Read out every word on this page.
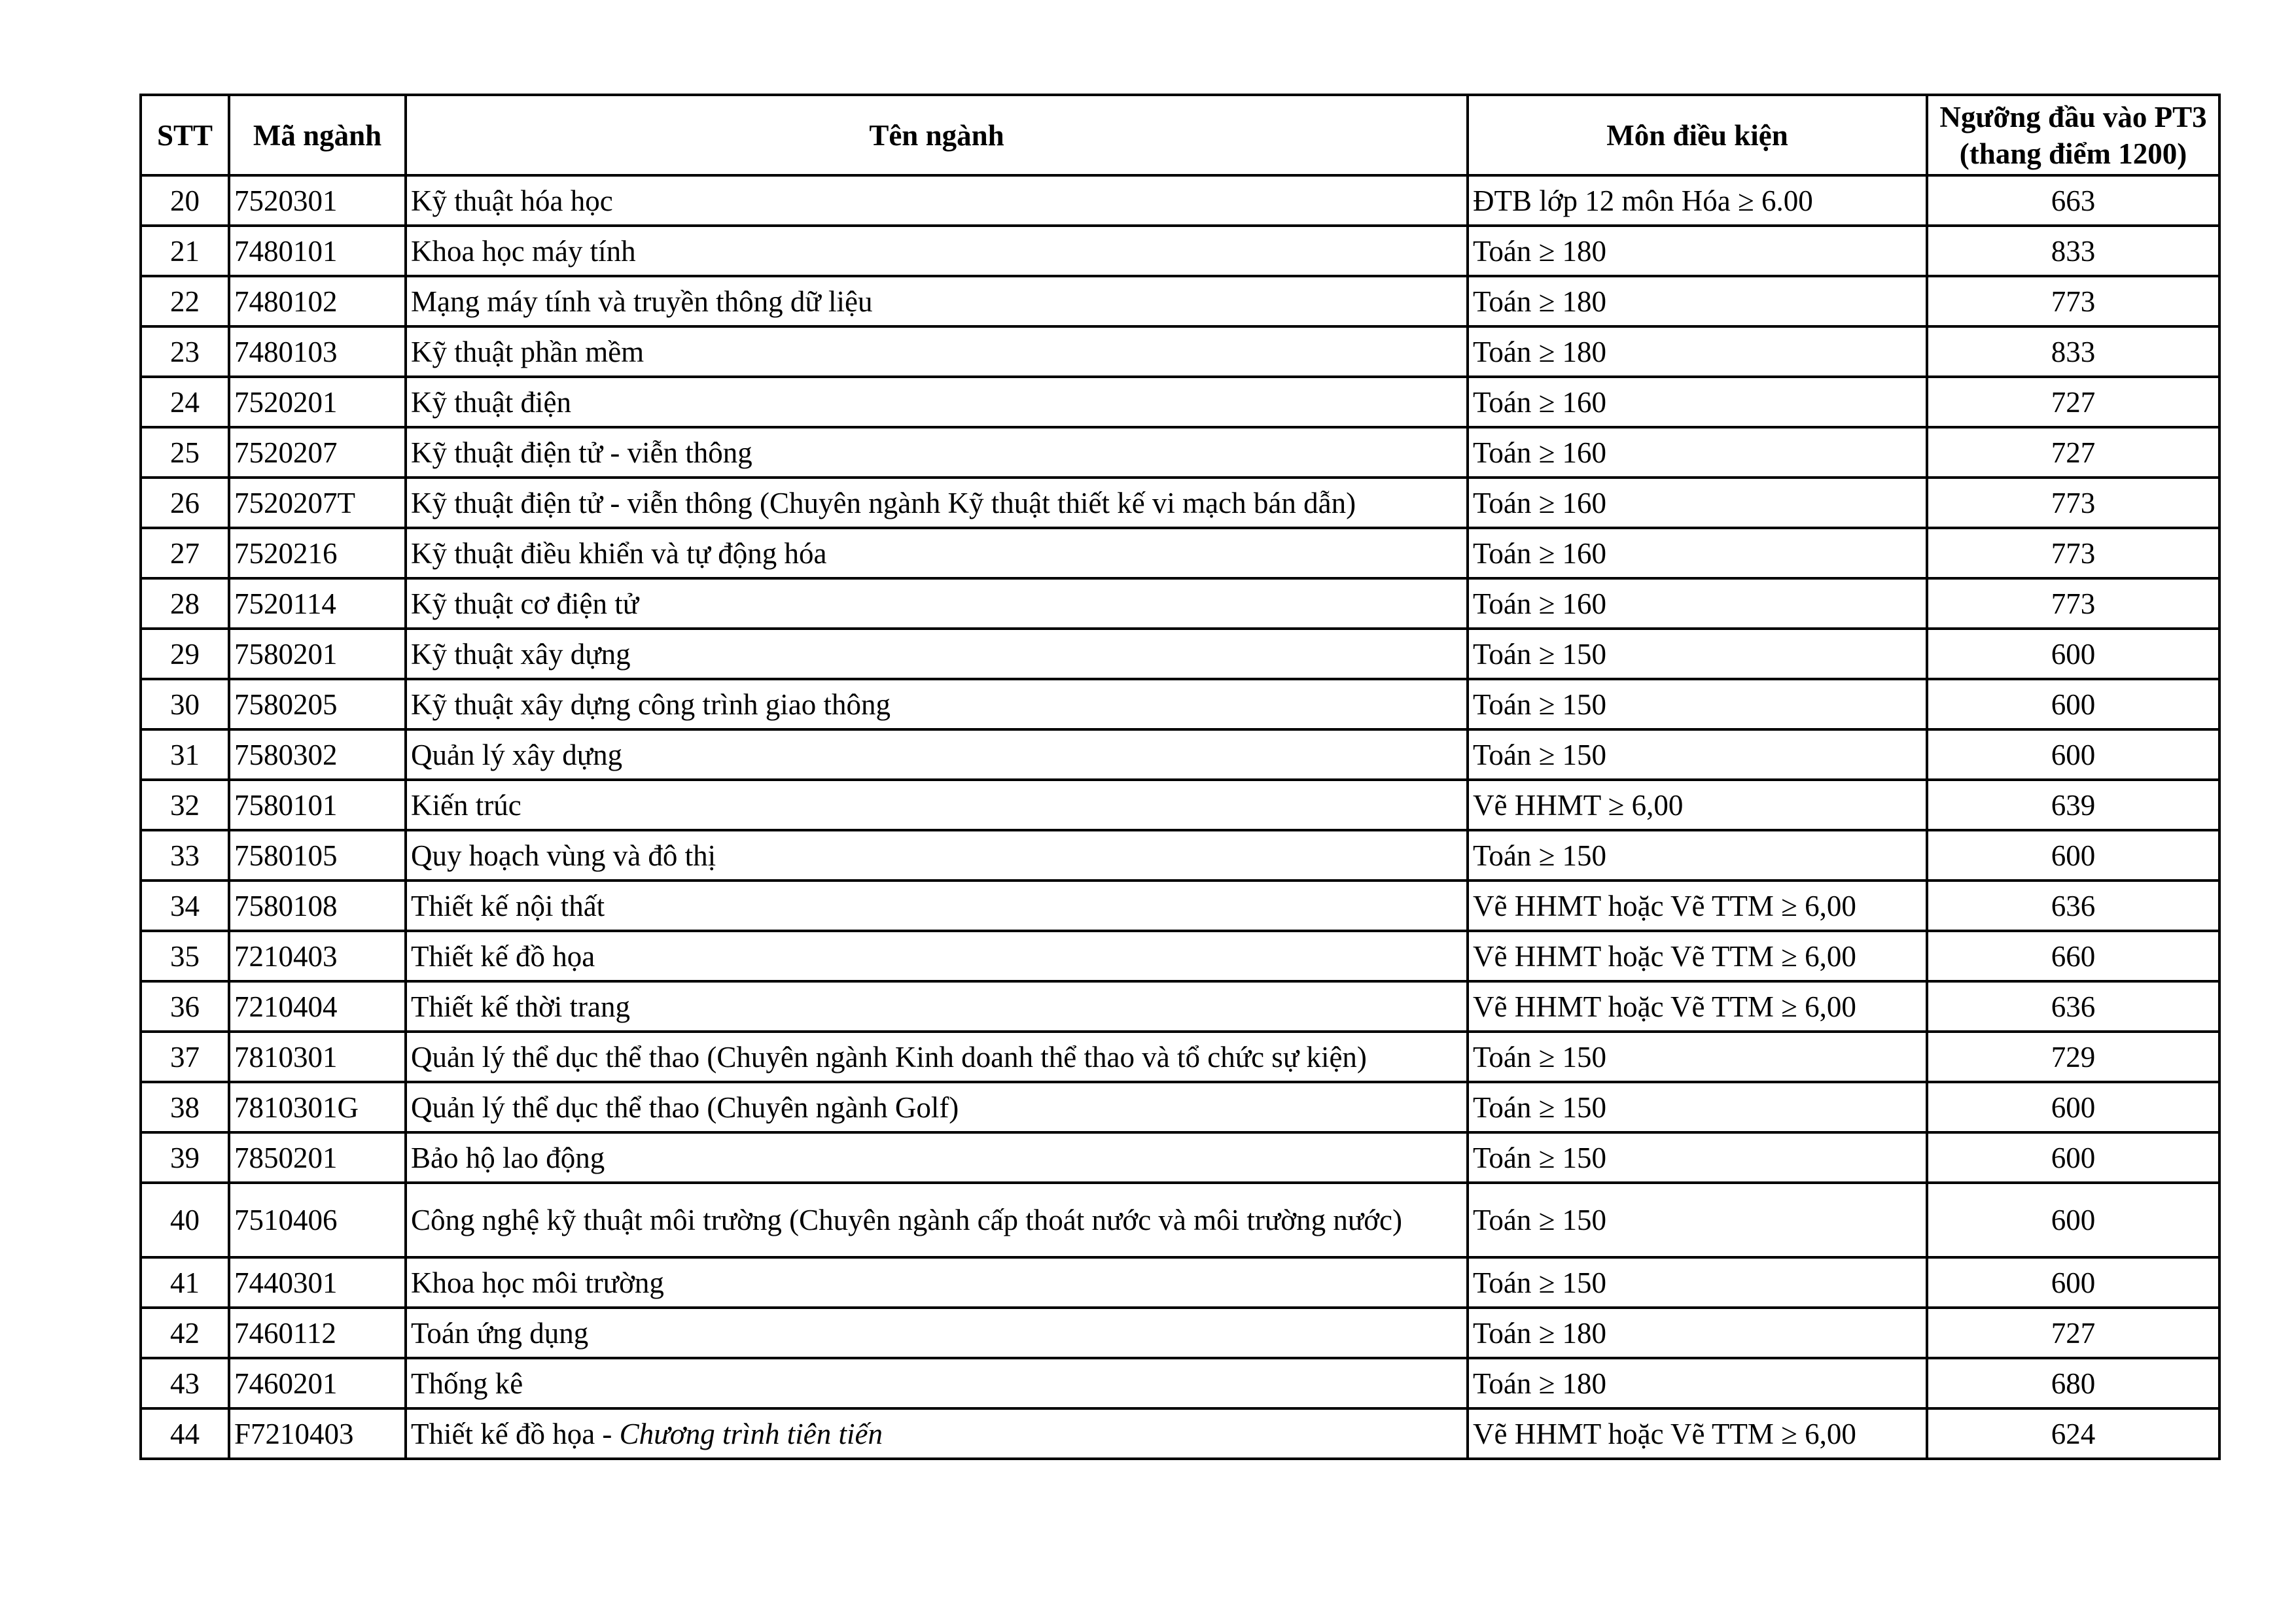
STT	Mã ngành	Tên ngành	Môn điều kiện	Ngưỡng đầu vào PT3
(thang điểm 1200)

20	7520301	Kỹ thuật hóa học	ĐTB lớp 12 môn Hóa ≥ 6.00	663
21	7480101	Khoa học máy tính	Toán ≥ 180	833
22	7480102	Mạng máy tính và truyền thông dữ liệu	Toán ≥ 180	773
23	7480103	Kỹ thuật phần mềm	Toán ≥ 180	833
24	7520201	Kỹ thuật điện	Toán ≥ 160	727
25	7520207	Kỹ thuật điện tử - viễn thông	Toán ≥ 160	727
26	7520207T	Kỹ thuật điện tử - viễn thông (Chuyên ngành Kỹ thuật thiết kế vi mạch bán dẫn)	Toán ≥ 160	773
27	7520216	Kỹ thuật điều khiển và tự động hóa	Toán ≥ 160	773
28	7520114	Kỹ thuật cơ điện tử	Toán ≥ 160	773
29	7580201	Kỹ thuật xây dựng	Toán ≥ 150	600
30	7580205	Kỹ thuật xây dựng công trình giao thông	Toán ≥ 150	600
31	7580302	Quản lý xây dựng	Toán ≥ 150	600
32	7580101	Kiến trúc	Vẽ HHMT ≥ 6,00	639
33	7580105	Quy hoạch vùng và đô thị	Toán ≥ 150	600
34	7580108	Thiết kế nội thất	Vẽ HHMT hoặc Vẽ TTM ≥ 6,00	636
35	7210403	Thiết kế đồ họa	Vẽ HHMT hoặc Vẽ TTM ≥ 6,00	660
36	7210404	Thiết kế thời trang	Vẽ HHMT hoặc Vẽ TTM ≥ 6,00	636
37	7810301	Quản lý thể dục thể thao (Chuyên ngành Kinh doanh thể thao và tổ chức sự kiện)	Toán ≥ 150	729
38	7810301G	Quản lý thể dục thể thao (Chuyên ngành Golf)	Toán ≥ 150	600
39	7850201	Bảo hộ lao động	Toán ≥ 150	600
40	7510406	Công nghệ kỹ thuật môi trường (Chuyên ngành cấp thoát nước và môi trường nước)	Toán ≥ 150	600
41	7440301	Khoa học môi trường	Toán ≥ 150	600
42	7460112	Toán ứng dụng	Toán ≥ 180	727
43	7460201	Thống kê	Toán ≥ 180	680
44	F7210403	Thiết kế đồ họa - Chương trình tiên tiến	Vẽ HHMT hoặc Vẽ TTM ≥ 6,00	624
